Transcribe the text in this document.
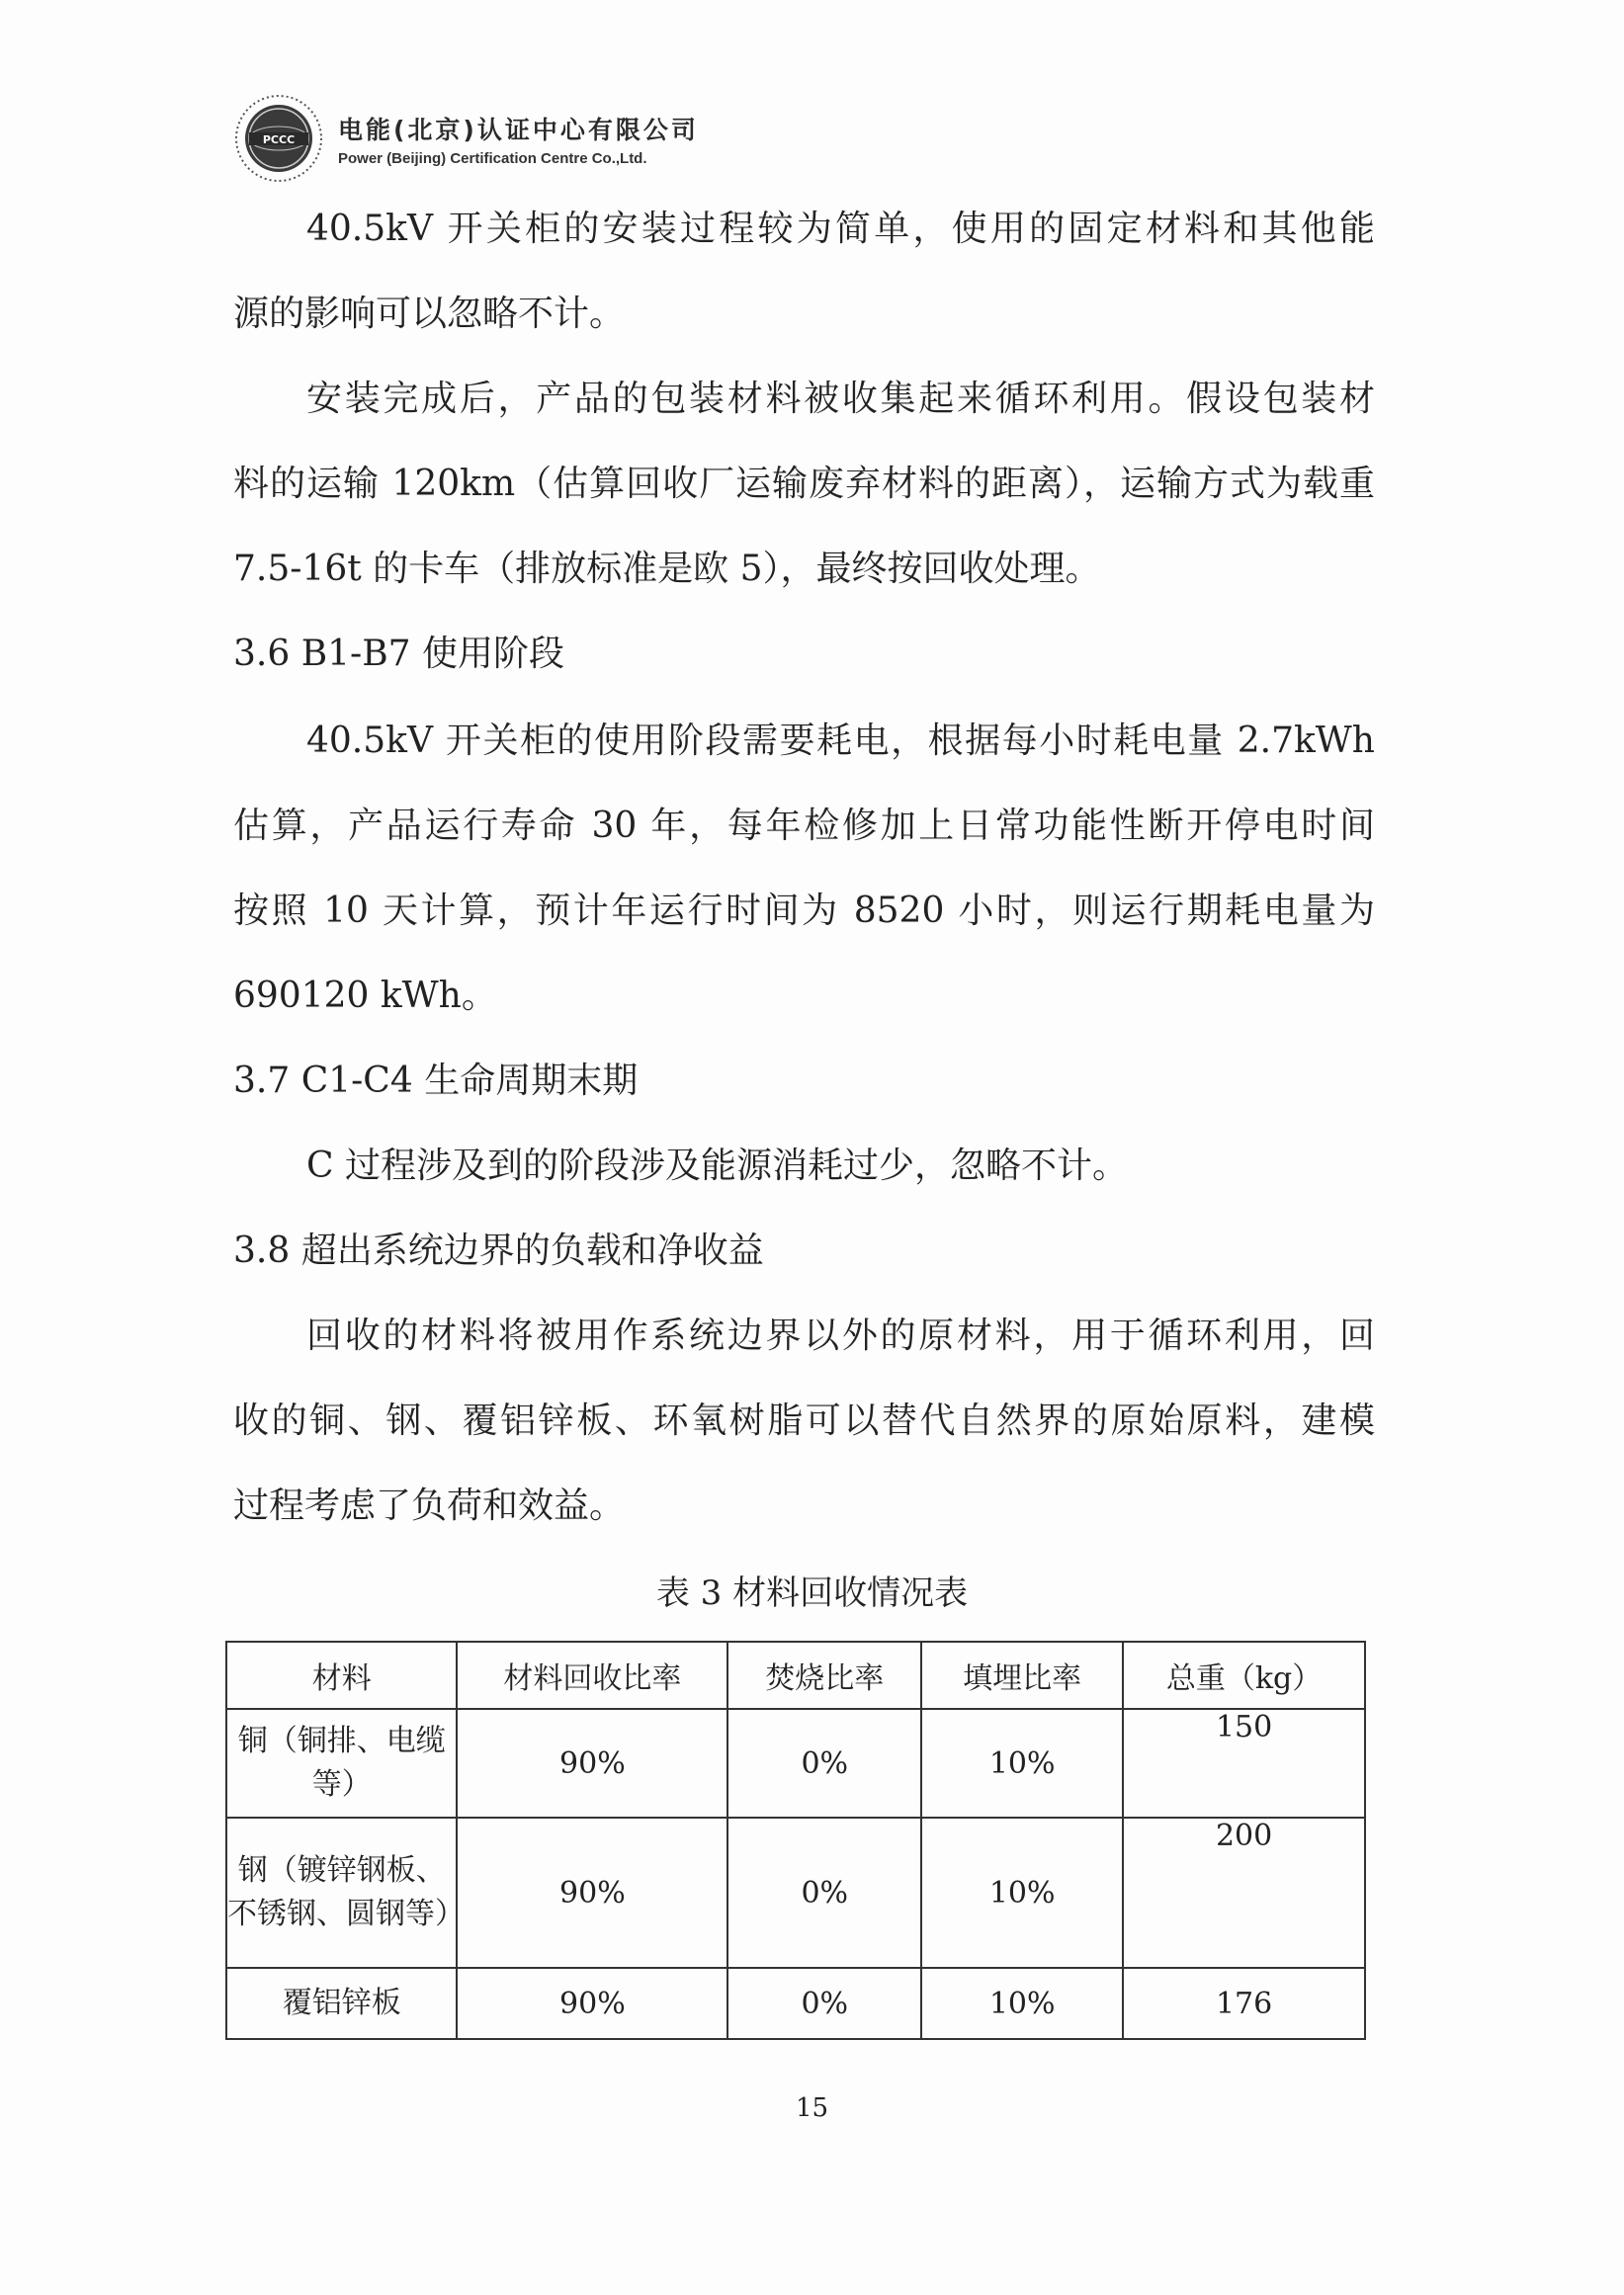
PCCC 电能(北京)认证中心有限公司
Power (Beijing) Certification Centre Co.,Ltd.
40.5kV 开关柜的安装过程较为简单，使用的固定材料和其他能
源的影响可以忽略不计。
安装完成后，产品的包装材料被收集起来循环利用。假设包装材
料的运输 120km（估算回收厂运输废弃材料的距离），运输方式为载重
7.5-16t 的卡车（排放标准是欧 5），最终按回收处理。
3.6 B1-B7 使用阶段
40.5kV 开关柜的使用阶段需要耗电，根据每小时耗电量 2.7kWh
估算，产品运行寿命 30 年，每年检修加上日常功能性断开停电时间
按照 10 天计算，预计年运行时间为 8520 小时，则运行期耗电量为
690120 kWh。
3.7 C1-C4 生命周期末期
C 过程涉及到的阶段涉及能源消耗过少，忽略不计。
3.8 超出系统边界的负载和净收益
回收的材料将被用作系统边界以外的原材料，用于循环利用，回
收的铜、钢、覆铝锌板、环氧树脂可以替代自然界的原始原料，建模
过程考虑了负荷和效益。
表 3 材料回收情况表
材料	材料回收比率	焚烧比率	填埋比率	总重（kg）
铜（铜排、电缆等）	90%	0%	10%	150
钢（镀锌钢板、不锈钢、圆钢等）	90%	0%	10%	200
覆铝锌板	90%	0%	10%	176
15
